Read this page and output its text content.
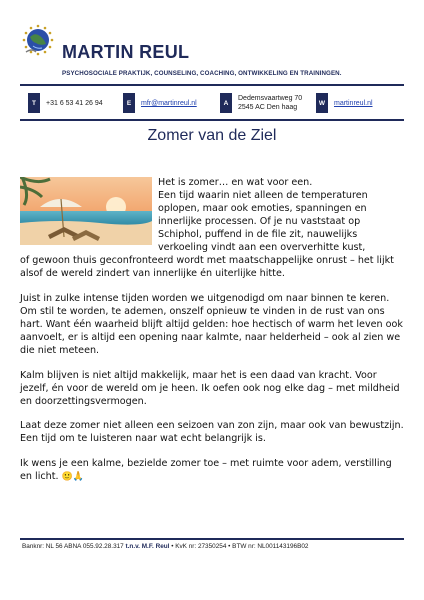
MARTIN REUL
PSYCHOSOCIALE PRAKTIJK, COUNSELING, COACHING, ONTWIKKELING EN TRAININGEN.
T	+31 6 53 41 26 94	E	mfr@martinreul.nl	A
Dedemsvaartweg 70
2545 AC Den haag
W	martinreul.nl
Zomer van de Ziel
Het is zomer… en wat voor een.
Een tijd waarin niet alleen de temperaturen oplopen, maar ook emoties, spanningen en innerlijke processen. Of je nu vaststaat op Schiphol, puffend in de file zit, nauwelijks verkoeling vindt aan een oververhitte kust,
of gewoon thuis geconfronteerd wordt met maatschappelijke onrust – het lijkt alsof de wereld zindert van innerlijke én uiterlijke hitte.
Juist in zulke intense tijden worden we uitgenodigd om naar binnen te keren. Om stil te worden, te ademen, onszelf opnieuw te vinden in de rust van ons hart. Want één waarheid blijft altijd gelden: hoe hectisch of warm het leven ook aanvoelt, er is altijd een opening naar kalmte, naar helderheid – ook al zien we die niet meteen.
Kalm blijven is niet altijd makkelijk, maar het is een daad van kracht. Voor jezelf, én voor de wereld om je heen. Ik oefen ook nog elke dag – met mildheid en doorzettingsvermogen.
Laat deze zomer niet alleen een seizoen van zon zijn, maar ook van bewustzijn. Een tijd om te luisteren naar wat echt belangrijk is.
Ik wens je een kalme, bezielde zomer toe – met ruimte voor adem, verstilling en licht. 🙂🙏
Banknr: NL 56 ABNA 055.92.28.317 t.n.v. M.F. Reul • KvK nr: 27350254 • BTW nr: NL001143196B02
